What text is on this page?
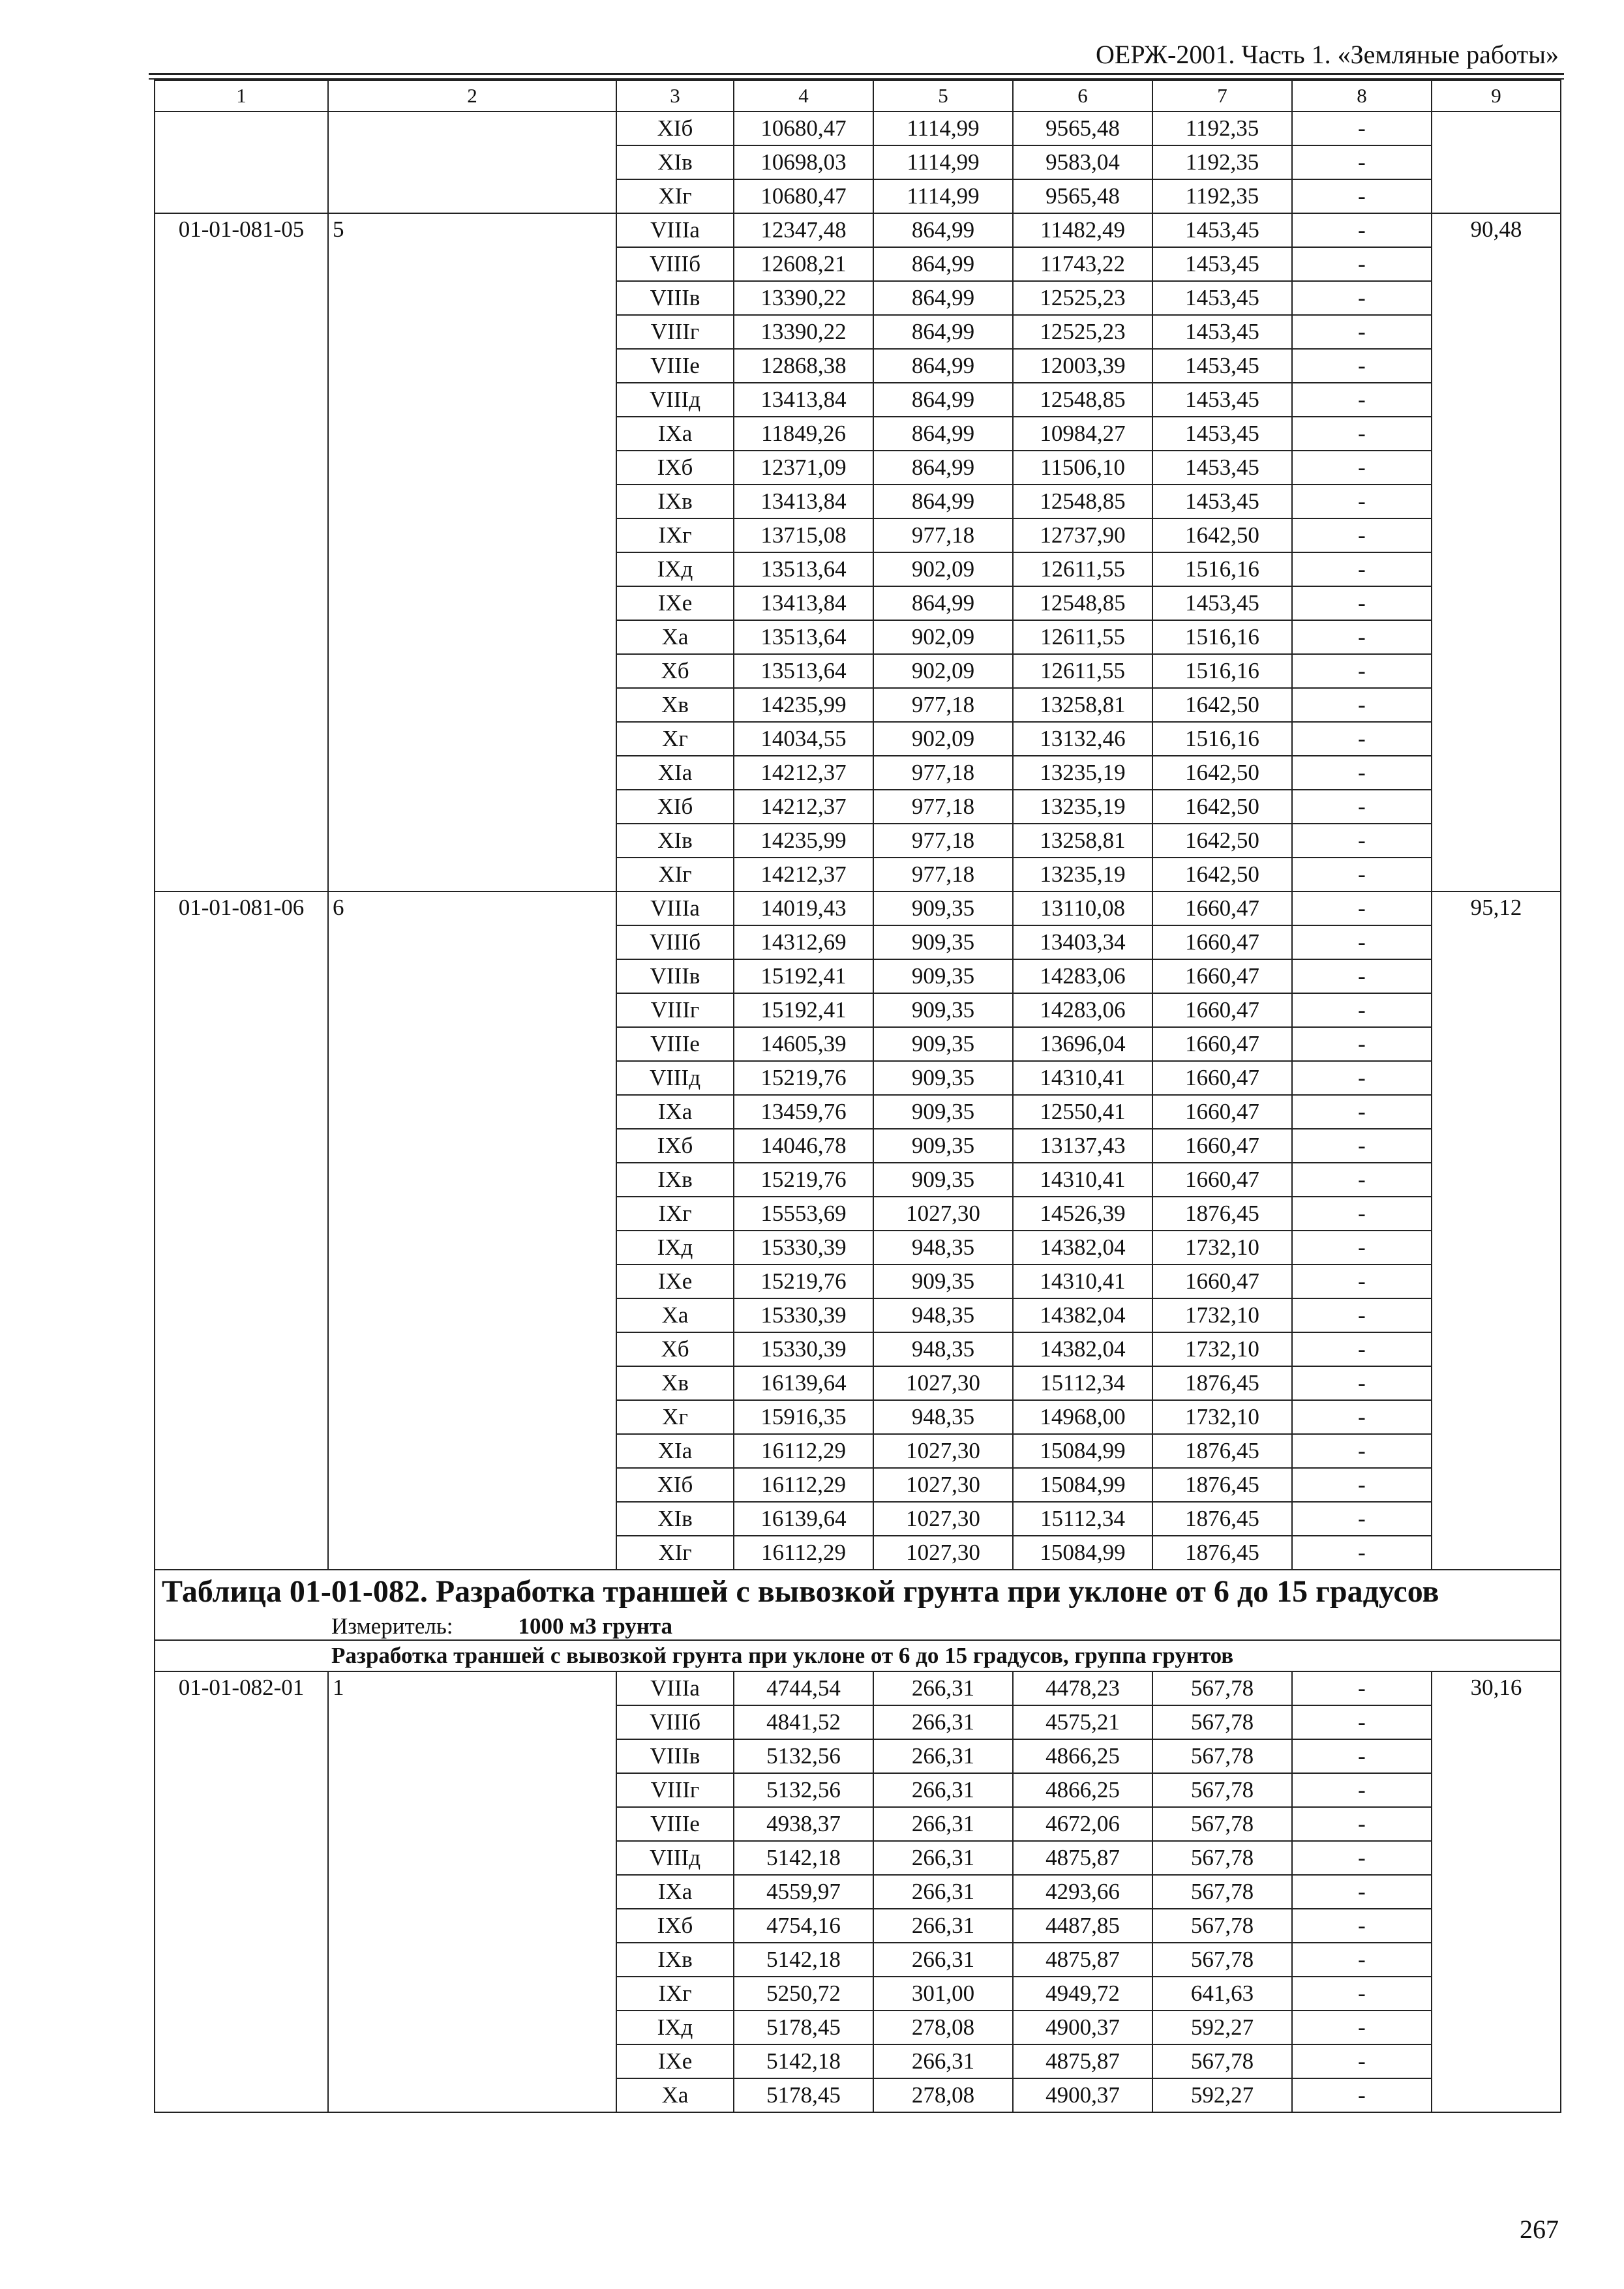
ОЕРЖ-2001. Часть 1. «Земляные работы»
1	2	3	4	5	6	7	8	9
		XIб	10680,47	1114,99	9565,48	1192,35	-	
		XIв	10698,03	1114,99	9583,04	1192,35	-	
		XIг	10680,47	1114,99	9565,48	1192,35	-	
01-01-081-05	5	VIIIа	12347,48	864,99	11482,49	1453,45	-	90,48
		VIIIб	12608,21	864,99	11743,22	1453,45	-	
		VIIIв	13390,22	864,99	12525,23	1453,45	-	
		VIIIг	13390,22	864,99	12525,23	1453,45	-	
		VIIIе	12868,38	864,99	12003,39	1453,45	-	
		VIIIд	13413,84	864,99	12548,85	1453,45	-	
		IXа	11849,26	864,99	10984,27	1453,45	-	
		IXб	12371,09	864,99	11506,10	1453,45	-	
		IXв	13413,84	864,99	12548,85	1453,45	-	
		IXг	13715,08	977,18	12737,90	1642,50	-	
		IXд	13513,64	902,09	12611,55	1516,16	-	
		IXе	13413,84	864,99	12548,85	1453,45	-	
		Xа	13513,64	902,09	12611,55	1516,16	-	
		Xб	13513,64	902,09	12611,55	1516,16	-	
		Xв	14235,99	977,18	13258,81	1642,50	-	
		Xг	14034,55	902,09	13132,46	1516,16	-	
		XIа	14212,37	977,18	13235,19	1642,50	-	
		XIб	14212,37	977,18	13235,19	1642,50	-	
		XIв	14235,99	977,18	13258,81	1642,50	-	
		XIг	14212,37	977,18	13235,19	1642,50	-	
01-01-081-06	6	VIIIа	14019,43	909,35	13110,08	1660,47	-	95,12
		VIIIб	14312,69	909,35	13403,34	1660,47	-	
		VIIIв	15192,41	909,35	14283,06	1660,47	-	
		VIIIг	15192,41	909,35	14283,06	1660,47	-	
		VIIIе	14605,39	909,35	13696,04	1660,47	-	
		VIIIд	15219,76	909,35	14310,41	1660,47	-	
		IXа	13459,76	909,35	12550,41	1660,47	-	
		IXб	14046,78	909,35	13137,43	1660,47	-	
		IXв	15219,76	909,35	14310,41	1660,47	-	
		IXг	15553,69	1027,30	14526,39	1876,45	-	
		IXд	15330,39	948,35	14382,04	1732,10	-	
		IXе	15219,76	909,35	14310,41	1660,47	-	
		Xа	15330,39	948,35	14382,04	1732,10	-	
		Xб	15330,39	948,35	14382,04	1732,10	-	
		Xв	16139,64	1027,30	15112,34	1876,45	-	
		Xг	15916,35	948,35	14968,00	1732,10	-	
		XIа	16112,29	1027,30	15084,99	1876,45	-	
		XIб	16112,29	1027,30	15084,99	1876,45	-	
		XIв	16139,64	1027,30	15112,34	1876,45	-	
		XIг	16112,29	1027,30	15084,99	1876,45	-	
Таблица 01-01-082. Разработка траншей с вывозкой грунта при уклоне от 6 до 15 градусов								
Измеритель: 1000 м3 грунта								
Разработка траншей с вывозкой грунта при уклоне от 6 до 15 градусов, группа грунтов								
01-01-082-01	1	VIIIа	4744,54	266,31	4478,23	567,78	-	30,16
		VIIIб	4841,52	266,31	4575,21	567,78	-	
		VIIIв	5132,56	266,31	4866,25	567,78	-	
		VIIIг	5132,56	266,31	4866,25	567,78	-	
		VIIIе	4938,37	266,31	4672,06	567,78	-	
		VIIIд	5142,18	266,31	4875,87	567,78	-	
		IXа	4559,97	266,31	4293,66	567,78	-	
		IXб	4754,16	266,31	4487,85	567,78	-	
		IXв	5142,18	266,31	4875,87	567,78	-	
		IXг	5250,72	301,00	4949,72	641,63	-	
		IXд	5178,45	278,08	4900,37	592,27	-	
		IXе	5142,18	266,31	4875,87	567,78	-	
		Xа	5178,45	278,08	4900,37	592,27	-	
267
